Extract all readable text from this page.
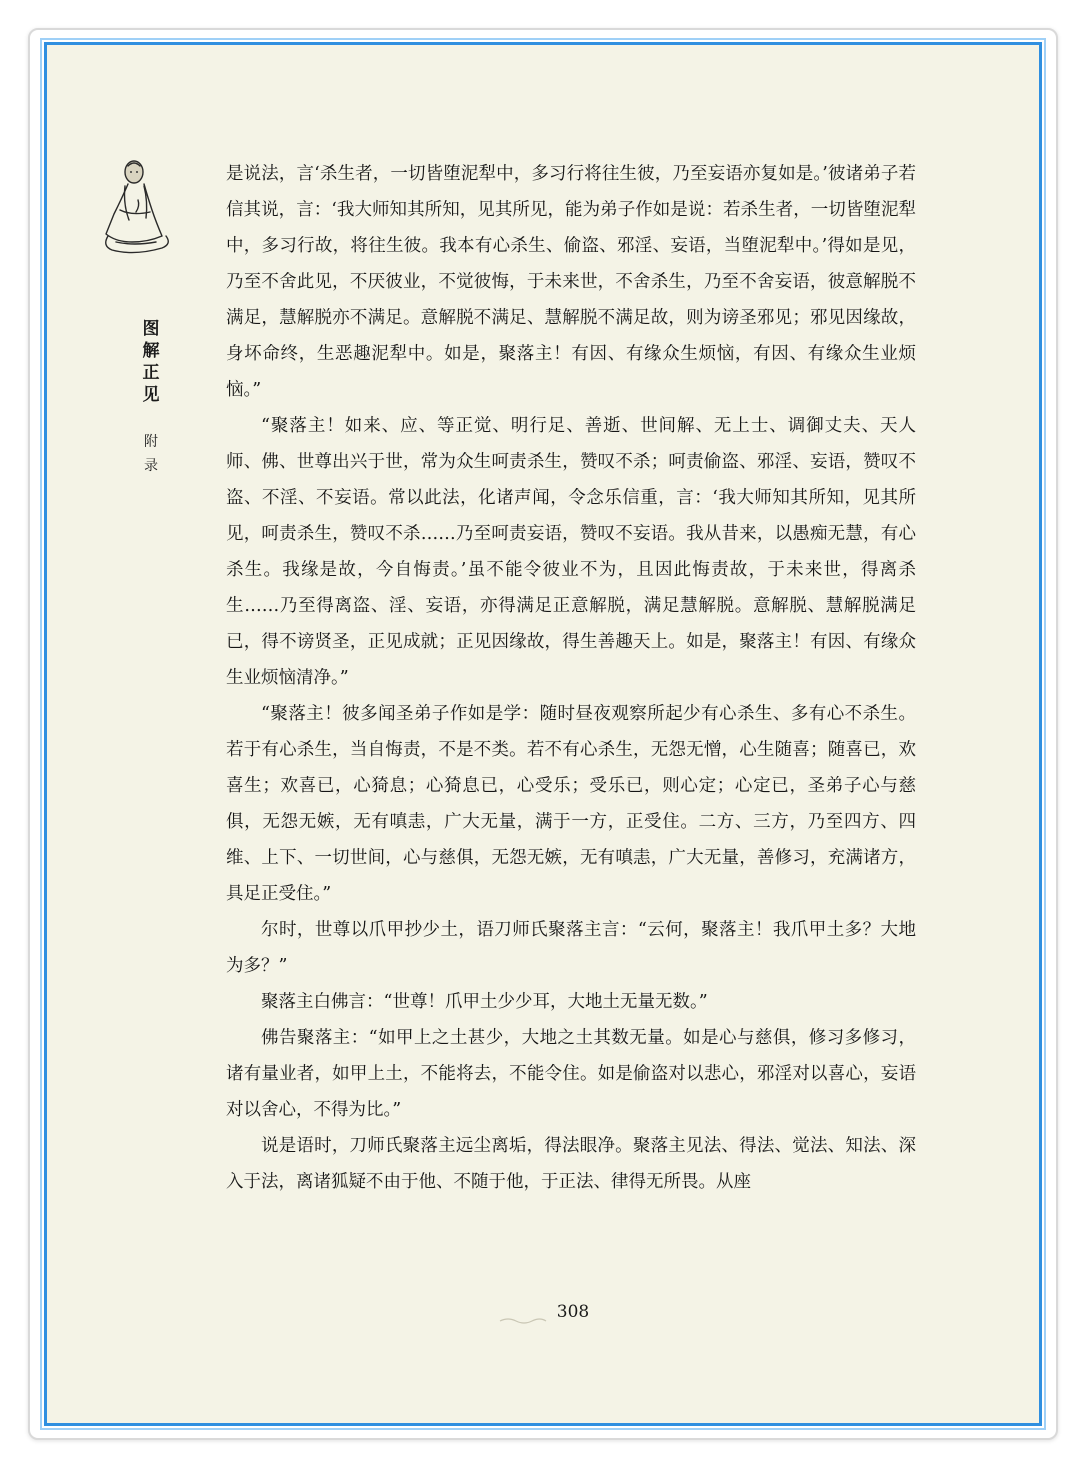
图解正见
附录

是说法，言‘杀生者，一切皆堕泥犁中，多习行将往生彼，乃至妄语亦复如是。’彼诸弟子若信其说，言：‘我大师知其所知，见其所见，能为弟子作如是说：若杀生者，一切皆堕泥犁中，多习行故，将往生彼。我本有心杀生、偷盗、邪淫、妄语，当堕泥犁中。’得如是见，乃至不舍此见，不厌彼业，不觉彼悔，于未来世，不舍杀生，乃至不舍妄语，彼意解脱不满足，慧解脱亦不满足。意解脱不满足、慧解脱不满足故，则为谤圣邪见；邪见因缘故，身坏命终，生恶趣泥犁中。如是，聚落主！有因、有缘众生烦恼，有因、有缘众生业烦恼。”

“聚落主！如来、应、等正觉、明行足、善逝、世间解、无上士、调御丈夫、天人师、佛、世尊出兴于世，常为众生呵责杀生，赞叹不杀；呵责偷盗、邪淫、妄语，赞叹不盗、不淫、不妄语。常以此法，化诸声闻，令念乐信重，言：‘我大师知其所知，见其所见，呵责杀生，赞叹不杀……乃至呵责妄语，赞叹不妄语。我从昔来，以愚痴无慧，有心杀生。我缘是故，今自悔责。’虽不能令彼业不为，且因此悔责故，于未来世，得离杀生……乃至得离盗、淫、妄语，亦得满足正意解脱，满足慧解脱。意解脱、慧解脱满足已，得不谤贤圣，正见成就；正见因缘故，得生善趣天上。如是，聚落主！有因、有缘众生业烦恼清净。”

“聚落主！彼多闻圣弟子作如是学：随时昼夜观察所起少有心杀生、多有心不杀生。若于有心杀生，当自悔责，不是不类。若不有心杀生，无怨无憎，心生随喜；随喜已，欢喜生；欢喜已，心猗息；心猗息已，心受乐；受乐已，则心定；心定已，圣弟子心与慈俱，无怨无嫉，无有嗔恚，广大无量，满于一方，正受住。二方、三方，乃至四方、四维、上下、一切世间，心与慈俱，无怨无嫉，无有嗔恚，广大无量，善修习，充满诸方，具足正受住。”

尔时，世尊以爪甲抄少土，语刀师氏聚落主言：“云何，聚落主！我爪甲土多？大地为多？”

聚落主白佛言：“世尊！爪甲土少少耳，大地土无量无数。”

佛告聚落主：“如甲上之土甚少，大地之土其数无量。如是心与慈俱，修习多修习，诸有量业者，如甲上土，不能将去，不能令住。如是偷盗对以悲心，邪淫对以喜心，妄语对以舍心，不得为比。”

说是语时，刀师氏聚落主远尘离垢，得法眼净。聚落主见法、得法、觉法、知法、深入于法，离诸狐疑不由于他、不随于他，于正法、律得无所畏。从座

308
